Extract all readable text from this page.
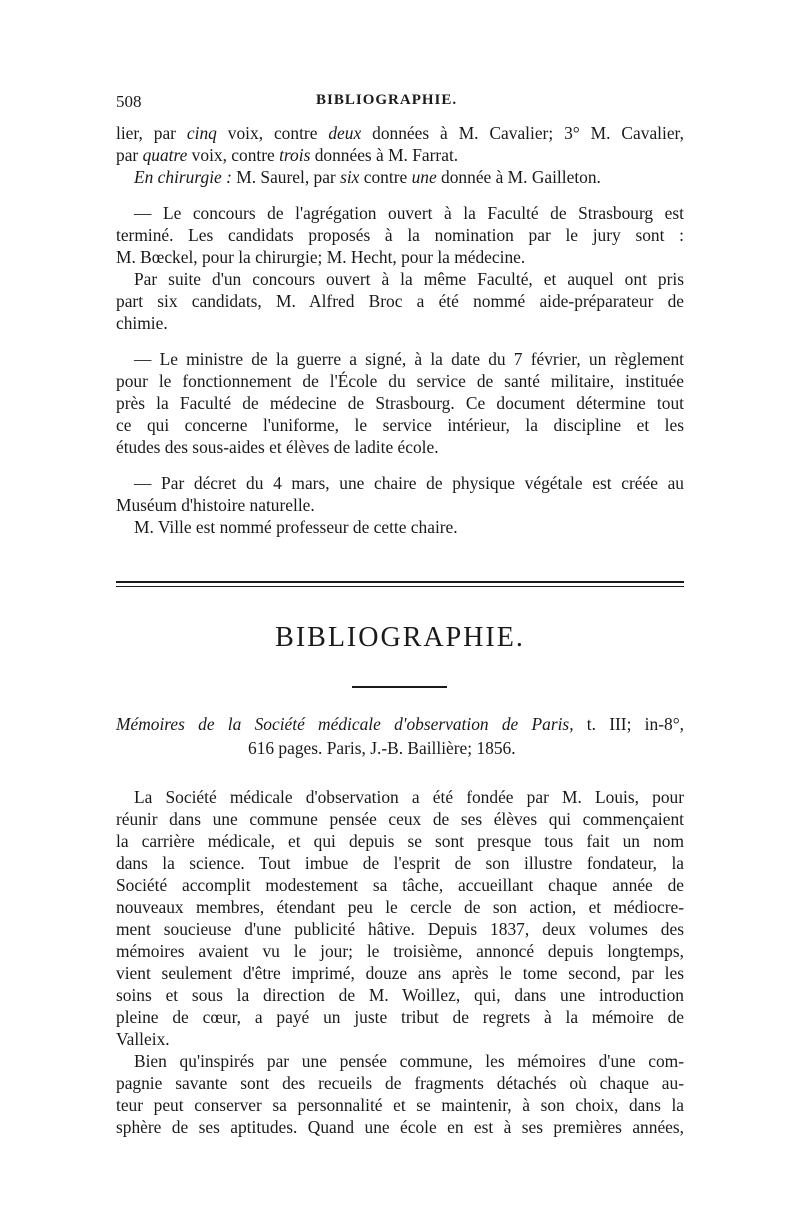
508	BIBLIOGRAPHIE.
lier, par cinq voix, contre deux données à M. Cavalier; 3° M. Cavalier,
par quatre voix, contre trois données à M. Farrat.
En chirurgie : M. Saurel, par six contre une donnée à M. Gailleton.
— Le concours de l'agrégation ouvert à la Faculté de Strasbourg est
terminé. Les candidats proposés à la nomination par le jury sont :
M. Bœckel, pour la chirurgie; M. Hecht, pour la médecine.
Par suite d'un concours ouvert à la même Faculté, et auquel ont pris
part six candidats, M. Alfred Broc a été nommé aide-préparateur de
chimie.
— Le ministre de la guerre a signé, à la date du 7 février, un règlement
pour le fonctionnement de l'École du service de santé militaire, instituée
près la Faculté de médecine de Strasbourg. Ce document détermine tout
ce qui concerne l'uniforme, le service intérieur, la discipline et les
études des sous-aides et élèves de ladite école.
— Par décret du 4 mars, une chaire de physique végétale est créée au
Muséum d'histoire naturelle.
M. Ville est nommé professeur de cette chaire.
BIBLIOGRAPHIE.
Mémoires de la Société médicale d'observation de Paris, t. III; in-8°,
616 pages. Paris, J.-B. Baillière; 1856.
La Société médicale d'observation a été fondée par M. Louis, pour
réunir dans une commune pensée ceux de ses élèves qui commençaient
la carrière médicale, et qui depuis se sont presque tous fait un nom
dans la science. Tout imbue de l'esprit de son illustre fondateur, la
Société accomplit modestement sa tâche, accueillant chaque année de
nouveaux membres, étendant peu le cercle de son action, et médiocre-
ment soucieuse d'une publicité hâtive. Depuis 1837, deux volumes des
mémoires avaient vu le jour; le troisième, annoncé depuis longtemps,
vient seulement d'être imprimé, douze ans après le tome second, par les
soins et sous la direction de M. Woillez, qui, dans une introduction
pleine de cœur, a payé un juste tribut de regrets à la mémoire de
Valleix.
Bien qu'inspirés par une pensée commune, les mémoires d'une com-
pagnie savante sont des recueils de fragments détachés où chaque au-
teur peut conserver sa personnalité et se maintenir, à son choix, dans la
sphère de ses aptitudes. Quand une école en est à ses premières années,
